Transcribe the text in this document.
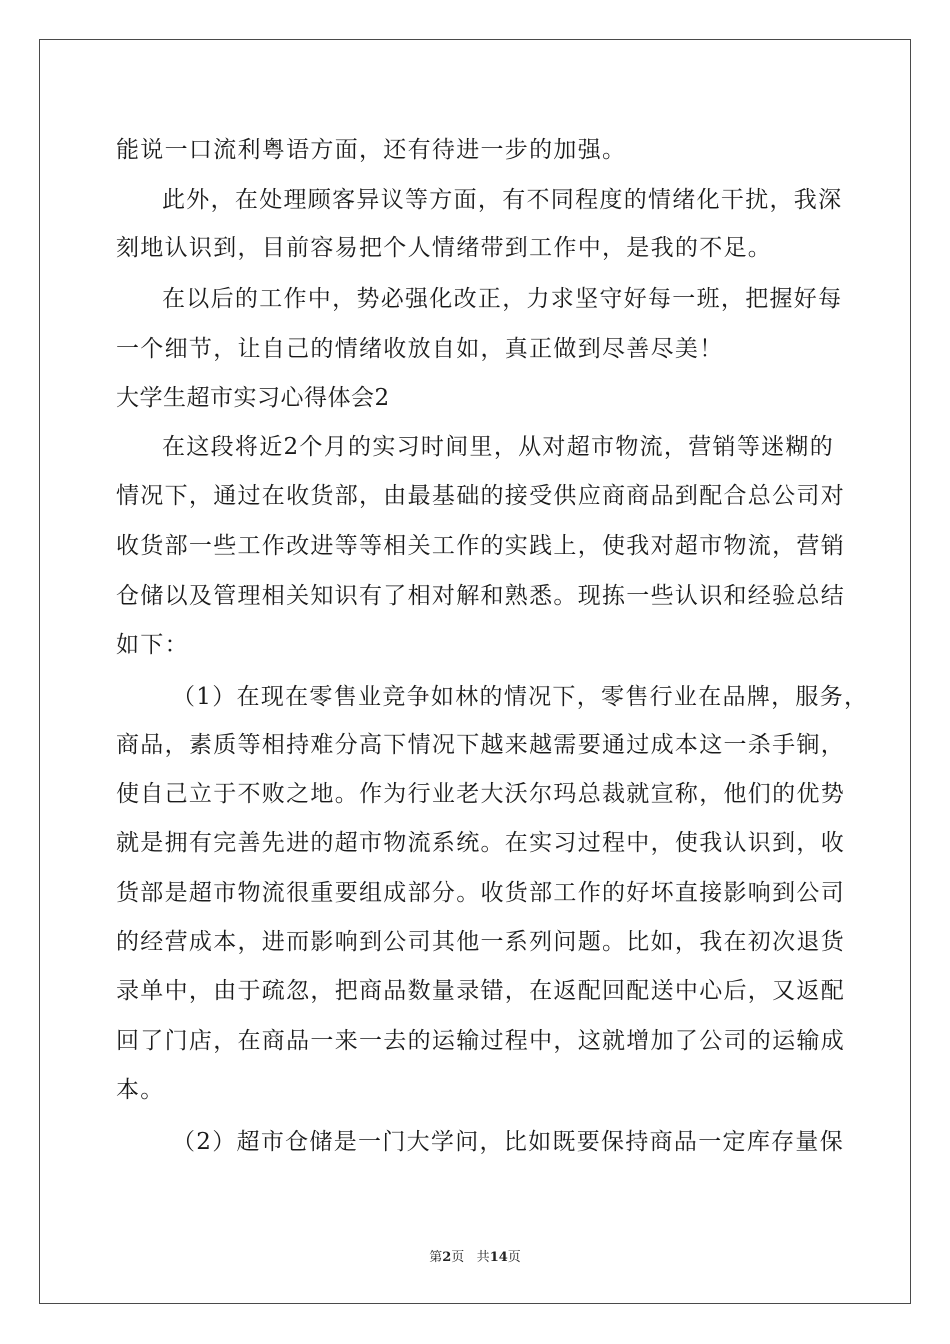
能说一口流利粤语方面，还有待进一步的加强。
此外，在处理顾客异议等方面，有不同程度的情绪化干扰，我深
刻地认识到，目前容易把个人情绪带到工作中，是我的不足。
在以后的工作中，势必强化改正，力求坚守好每一班，把握好每
一个细节，让自己的情绪收放自如，真正做到尽善尽美！
大学生超市实习心得体会2
在这段将近2个月的实习时间里，从对超市物流，营销等迷糊的
情况下，通过在收货部，由最基础的接受供应商商品到配合总公司对
收货部一些工作改进等等相关工作的实践上，使我对超市物流，营销
仓储以及管理相关知识有了相对解和熟悉。现拣一些认识和经验总结
如下：
（1）在现在零售业竞争如林的情况下，零售行业在品牌，服务，
商品，素质等相持难分高下情况下越来越需要通过成本这一杀手锏，
使自己立于不败之地。作为行业老大沃尔玛总裁就宣称，他们的优势
就是拥有完善先进的超市物流系统。在实习过程中，使我认识到，收
货部是超市物流很重要组成部分。收货部工作的好坏直接影响到公司
的经营成本，进而影响到公司其他一系列问题。比如，我在初次退货
录单中，由于疏忽，把商品数量录错，在返配回配送中心后，又返配
回了门店，在商品一来一去的运输过程中，这就增加了公司的运输成
本。
（2）超市仓储是一门大学问，比如既要保持商品一定库存量保
第2页 共14页
